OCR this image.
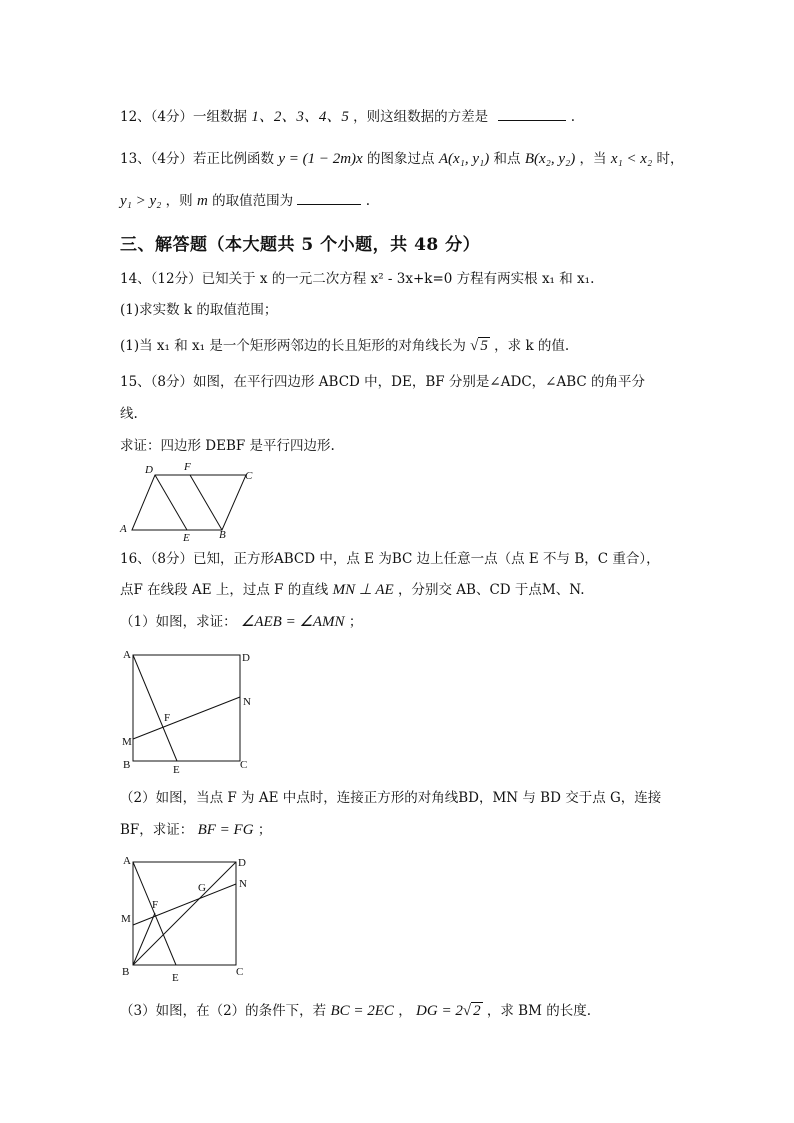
12、（4分）一组数据 1、2、3、4、5 ，则这组数据的方差是	.
13、（4分）若正比例函数 y = (1 − 2m)x 的图象过点 A(x₁, y₁) 和点 B(x₂, y₂) ，当 x₁ < x₂ 时，
y₁ > y₂ ，则 m 的取值范围为	.
三、解答题（本大题共 5 个小题，共 48 分）
14、（12分）已知关于 x 的一元二次方程 x² - 3x+k=0 方程有两实根 x₁ 和 x₁.
(1)求实数 k 的取值范围；
(1)当 x₁ 和 x₁ 是一个矩形两邻边的长且矩形的对角线长为 √ 5 ，求 k 的值.
15、（8分）如图，在平行四边形 ABCD 中，DE，BF 分别是∠ADC，∠ABC 的角平分
线.
求证：四边形 DEBF 是平行四边形.
D	F
C
A
E	B
16、（8分）已知，正方形ABCD 中，点 E 为BC 边上任意一点（点 E 不与 B，C 重合），
点F 在线段 AE 上，过点 F 的直线 MN ⊥ AE ，分别交 AB、CD 于点M、N.
（1）如图，求证： ∠AEB = ∠AMN ；
A	D
N
F
M
B	E	C
（2）如图，当点 F 为 AE 中点时，连接正方形的对角线BD，MN 与 BD 交于点 G，连接
BF，求证： BF = FG ；
A	D
N
G
F
M
B	E	C
（3）如图，在（2）的条件下，若 BC = 2EC ， DG = 2√ 2 ，求 BM 的长度.
